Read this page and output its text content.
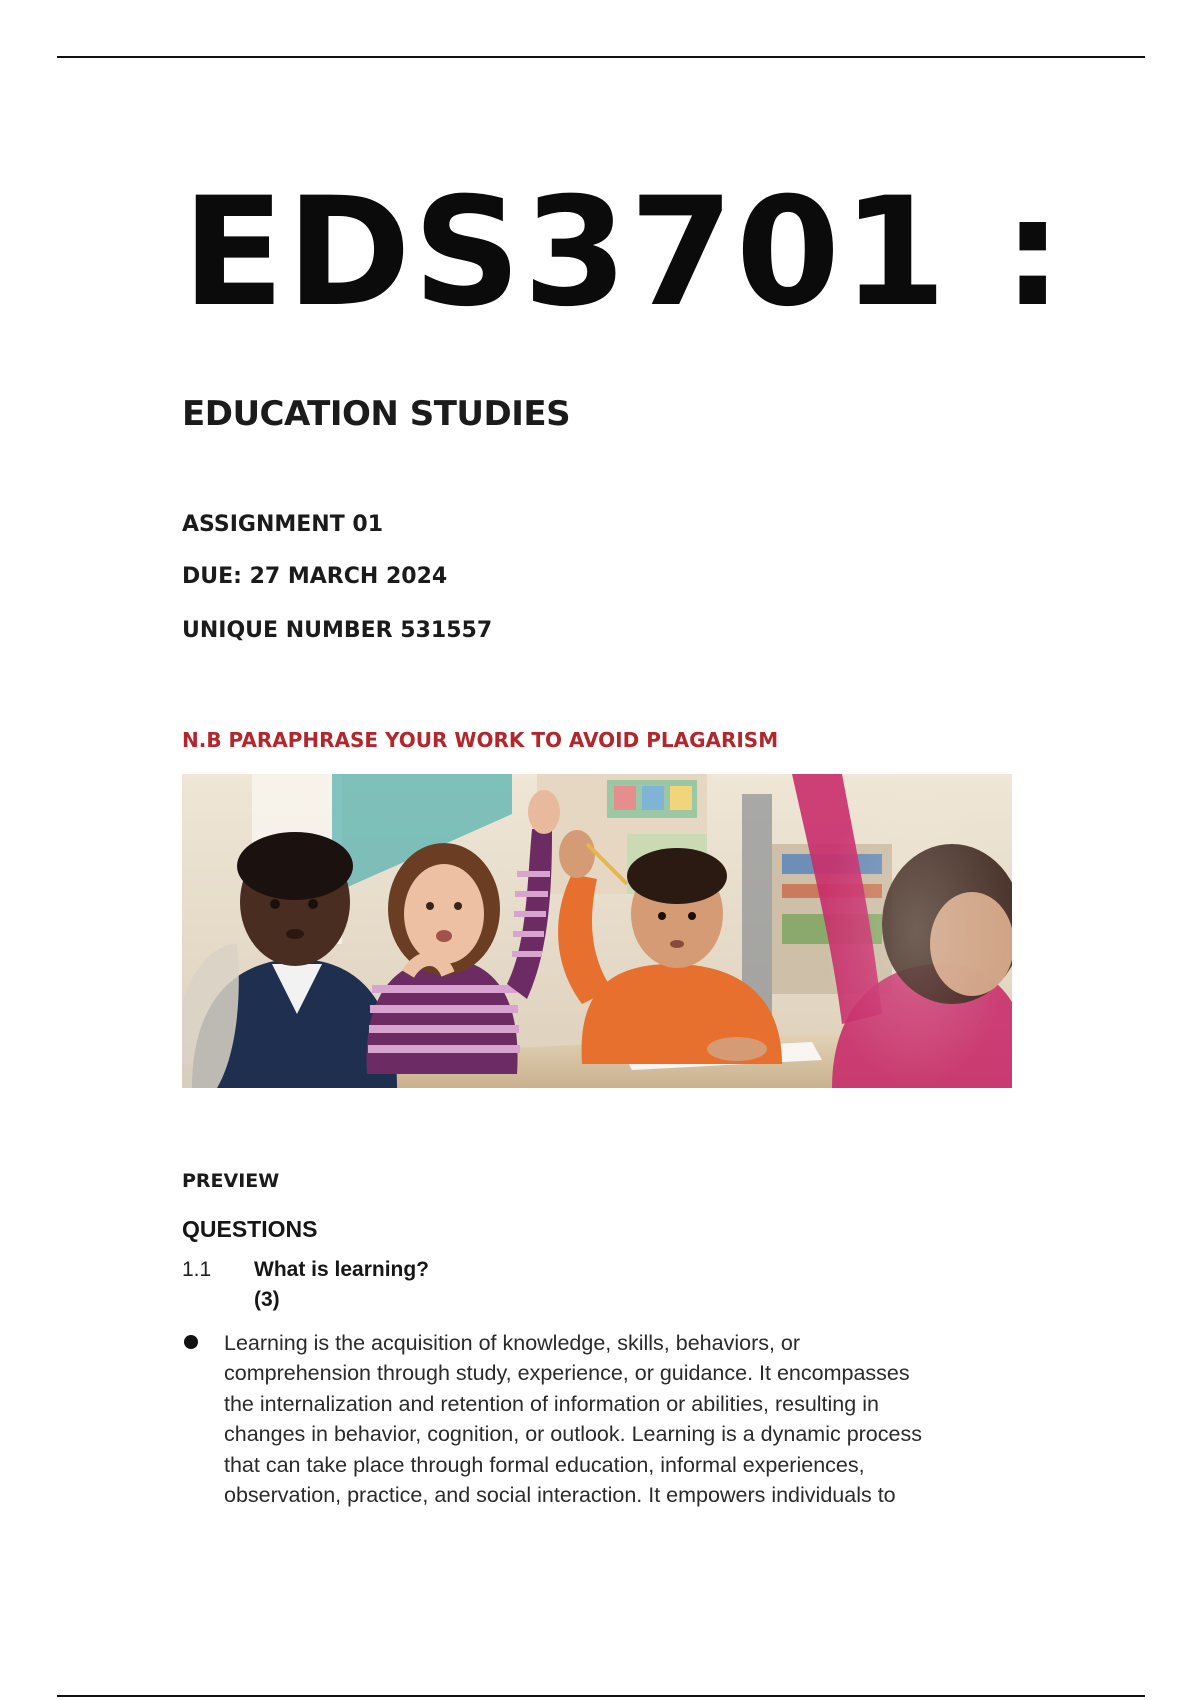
EDS3701 :
EDUCATION STUDIES
ASSIGNMENT 01
DUE: 27 MARCH 2024
UNIQUE NUMBER 531557
N.B PARAPHRASE YOUR WORK TO AVOID PLAGARISM
PREVIEW
QUESTIONS
1.1 What is learning?
(3)
Learning is the acquisition of knowledge, skills, behaviors, or
comprehension through study, experience, or guidance. It encompasses
the internalization and retention of information or abilities, resulting in
changes in behavior, cognition, or outlook. Learning is a dynamic process
that can take place through formal education, informal experiences,
observation, practice, and social interaction. It empowers individuals to
